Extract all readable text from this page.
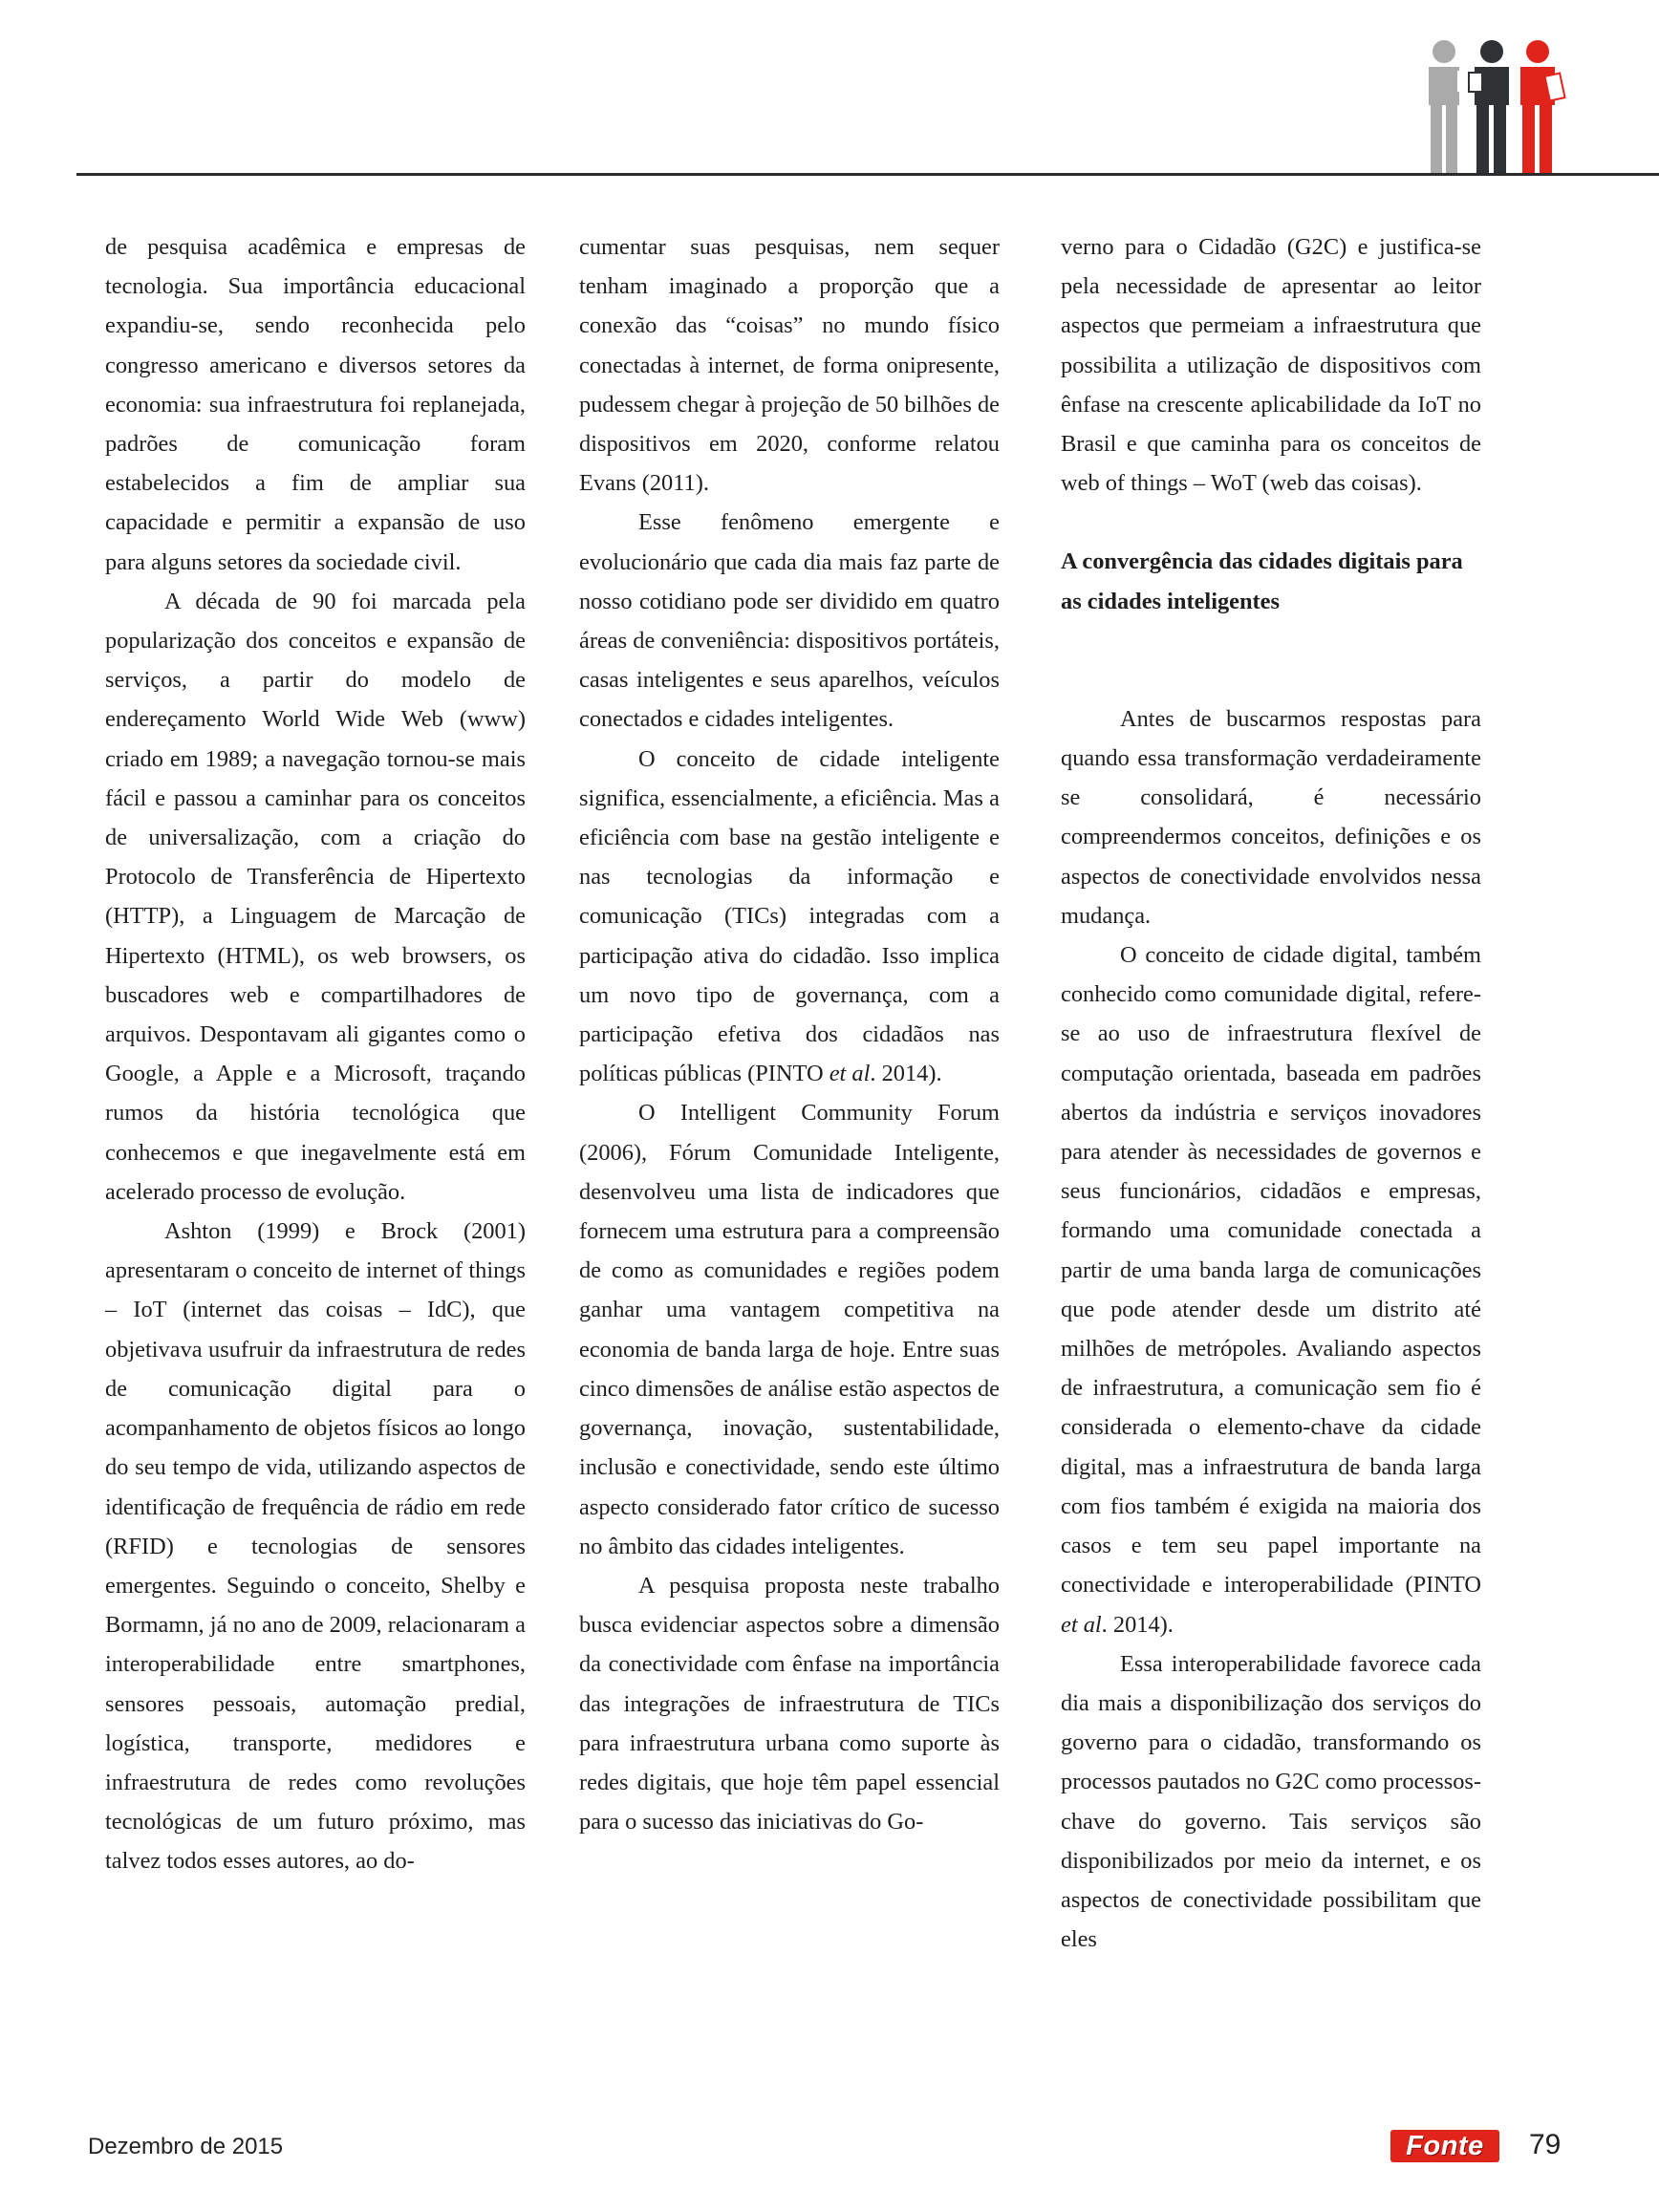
de pesquisa acadêmica e empresas de tecnologia. Sua importância educacional expandiu-se, sendo reconhecida pelo congresso americano e diversos setores da economia: sua infraestrutura foi replanejada, padrões de comunicação foram estabelecidos a fim de ampliar sua capacidade e permitir a expansão de uso para alguns setores da sociedade civil.

A década de 90 foi marcada pela popularização dos conceitos e expansão de serviços, a partir do modelo de endereçamento World Wide Web (www) criado em 1989; a navegação tornou-se mais fácil e passou a caminhar para os conceitos de universalização, com a criação do Protocolo de Transferência de Hipertexto (HTTP), a Linguagem de Marcação de Hipertexto (HTML), os web browsers, os buscadores web e compartilhadores de arquivos. Despontavam ali gigantes como o Google, a Apple e a Microsoft, traçando rumos da história tecnológica que conhecemos e que inegavelmente está em acelerado processo de evolução.

Ashton (1999) e Brock (2001) apresentaram o conceito de internet of things – IoT (internet das coisas – IdC), que objetivava usufruir da infraestrutura de redes de comunicação digital para o acompanhamento de objetos físicos ao longo do seu tempo de vida, utilizando aspectos de identificação de frequência de rádio em rede (RFID) e tecnologias de sensores emergentes. Seguindo o conceito, Shelby e Bormamn, já no ano de 2009, relacionaram a interoperabilidade entre smartphones, sensores pessoais, automação predial, logística, transporte, medidores e infraestrutura de redes como revoluções tecnológicas de um futuro próximo, mas talvez todos esses autores, ao do-

cumentar suas pesquisas, nem sequer tenham imaginado a proporção que a conexão das “coisas” no mundo físico conectadas à internet, de forma onipresente, pudessem chegar à projeção de 50 bilhões de dispositivos em 2020, conforme relatou Evans (2011).

Esse fenômeno emergente e evolucionário que cada dia mais faz parte de nosso cotidiano pode ser dividido em quatro áreas de conveniência: dispositivos portáteis, casas inteligentes e seus aparelhos, veículos conectados e cidades inteligentes.

O conceito de cidade inteligente significa, essencialmente, a eficiência. Mas a eficiência com base na gestão inteligente e nas tecnologias da informação e comunicação (TICs) integradas com a participação ativa do cidadão. Isso implica um novo tipo de governança, com a participação efetiva dos cidadãos nas políticas públicas (PINTO et al. 2014).

O Intelligent Community Forum (2006), Fórum Comunidade Inteligente, desenvolveu uma lista de indicadores que fornecem uma estrutura para a compreensão de como as comunidades e regiões podem ganhar uma vantagem competitiva na economia de banda larga de hoje. Entre suas cinco dimensões de análise estão aspectos de governança, inovação, sustentabilidade, inclusão e conectividade, sendo este último aspecto considerado fator crítico de sucesso no âmbito das cidades inteligentes.

A pesquisa proposta neste trabalho busca evidenciar aspectos sobre a dimensão da conectividade com ênfase na importância das integrações de infraestrutura de TICs para infraestrutura urbana como suporte às redes digitais, que hoje têm papel essencial para o sucesso das iniciativas do Go-

verno para o Cidadão (G2C) e justifica-se pela necessidade de apresentar ao leitor aspectos que permeiam a infraestrutura que possibilita a utilização de dispositivos com ênfase na crescente aplicabilidade da IoT no Brasil e que caminha para os conceitos de web of things – WoT (web das coisas).

A convergência das cidades digitais para as cidades inteligentes

Antes de buscarmos respostas para quando essa transformação verdadeiramente se consolidará, é necessário compreendermos conceitos, definições e os aspectos de conectividade envolvidos nessa mudança.

O conceito de cidade digital, também conhecido como comunidade digital, refere-se ao uso de infraestrutura flexível de computação orientada, baseada em padrões abertos da indústria e serviços inovadores para atender às necessidades de governos e seus funcionários, cidadãos e empresas, formando uma comunidade conectada a partir de uma banda larga de comunicações que pode atender desde um distrito até milhões de metrópoles. Avaliando aspectos de infraestrutura, a comunicação sem fio é considerada o elemento-chave da cidade digital, mas a infraestrutura de banda larga com fios também é exigida na maioria dos casos e tem seu papel importante na conectividade e interoperabilidade (PINTO et al. 2014).

Essa interoperabilidade favorece cada dia mais a disponibilização dos serviços do governo para o cidadão, transformando os processos pautados no G2C como processos-chave do governo. Tais serviços são disponibilizados por meio da internet, e os aspectos de conectividade possibilitam que eles

Dezembro de 2015	Fonte	79
